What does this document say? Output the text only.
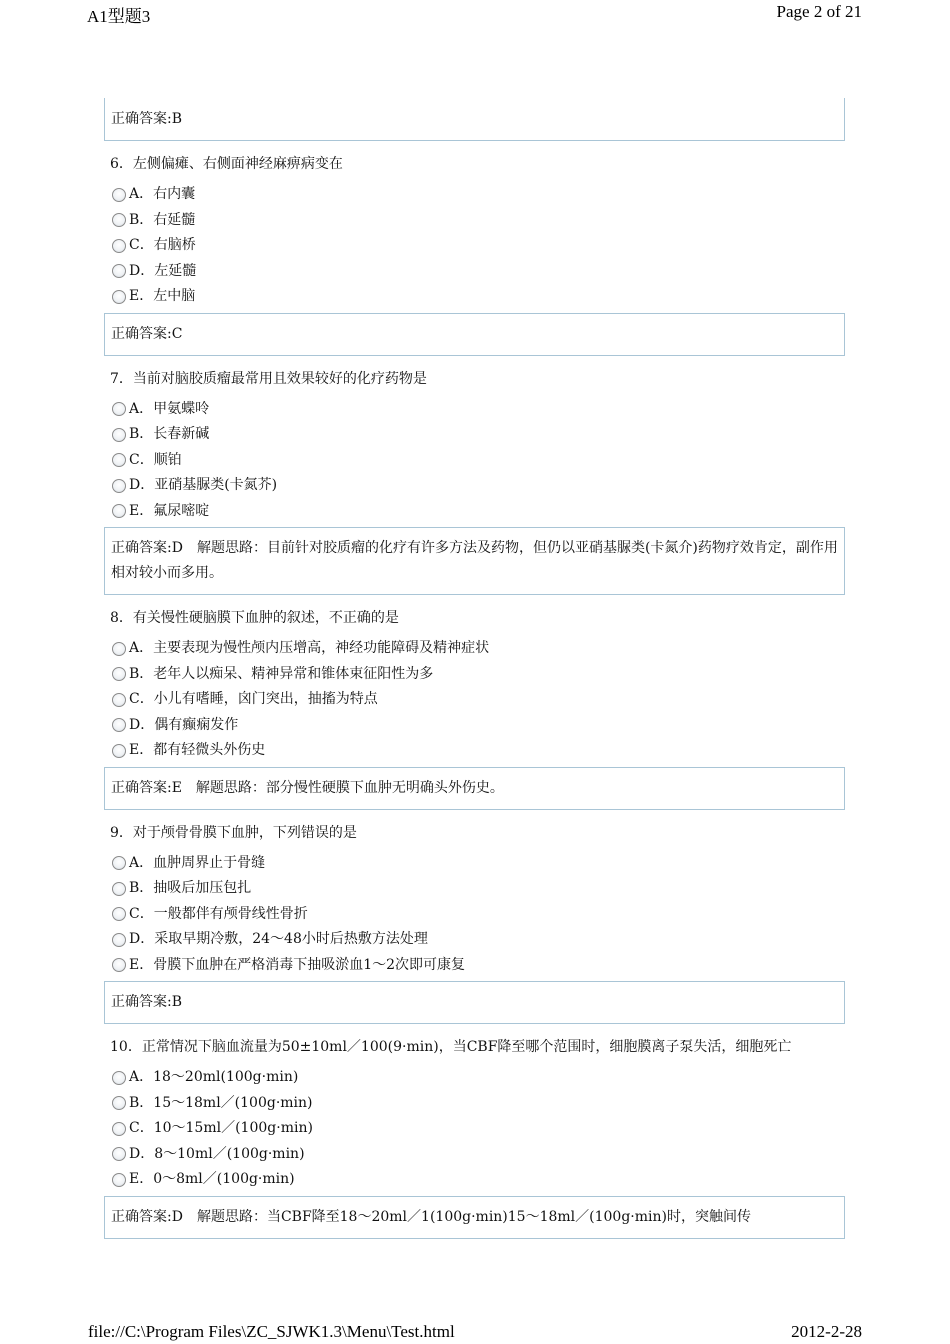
A1型题3	Page 2 of 21
正确答案:B
6．左侧偏瘫、右侧面神经麻痹病变在
A．右内囊
B．右延髓
C．右脑桥
D．左延髓
E．左中脑
正确答案:C
7．当前对脑胶质瘤最常用且效果较好的化疗药物是
A．甲氨蝶呤
B．长春新碱
C．顺铂
D．亚硝基脲类(卡氮芥)
E．氟尿嘧啶
正确答案:D　解题思路：目前针对胶质瘤的化疗有许多方法及药物，但仍以亚硝基脲类(卡氮介)药物疗效肯定，副作用相对较小而多用。
8．有关慢性硬脑膜下血肿的叙述，不正确的是
A．主要表现为慢性颅内压增高，神经功能障碍及精神症状
B．老年人以痴呆、精神异常和锥体束征阳性为多
C．小儿有嗜睡，囟门突出，抽搐为特点
D．偶有癫痫发作
E．都有轻微头外伤史
正确答案:E　解题思路：部分慢性硬膜下血肿无明确头外伤史。
9．对于颅骨骨膜下血肿，下列错误的是
A．血肿周界止于骨缝
B．抽吸后加压包扎
C．一般都伴有颅骨线性骨折
D．采取早期冷敷，24～48小时后热敷方法处理
E．骨膜下血肿在严格消毒下抽吸淤血1～2次即可康复
正确答案:B
10．正常情况下脑血流量为50±10ml／100(9·min)，当CBF降至哪个范围时，细胞膜离子泵失活，细胞死亡
A．18～20ml(100g·min)
B．15～18ml／(100g·min)
C．10～15ml／(100g·min)
D．8～10ml／(100g·min)
E．0～8ml／(100g·min)
正确答案:D　解题思路：当CBF降至18～20ml／1(100g·min)15～18ml／(100g·min)时，突触间传
file://C:\Program Files\ZC_SJWK1.3\Menu\Test.html	2012-2-28
